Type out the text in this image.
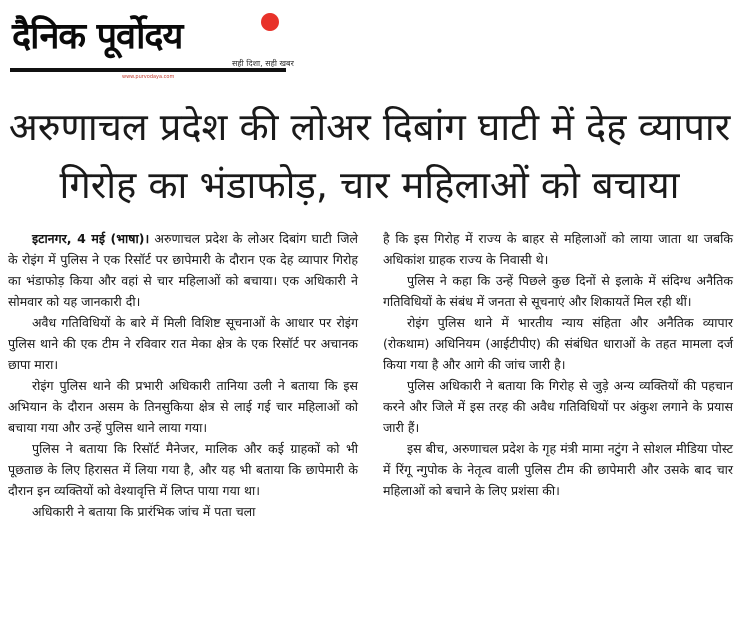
दैनिक पूर्वोदय
सही दिशा, सही खबर
www.purvodaya.com
अरुणाचल प्रदेश की लोअर दिबांग घाटी में देह व्यापार
गिरोह का भंडाफोड़, चार महिलाओं को बचाया

इटानगर, 4 मई (भाषा)। अरुणाचल प्रदेश के लोअर दिबांग घाटी जिले के रोइंग में पुलिस ने एक रिसॉर्ट पर छापेमारी के दौरान एक देह व्यापार गिरोह का भंडाफोड़ किया और वहां से चार महिलाओं को बचाया। एक अधिकारी ने सोमवार को यह जानकारी दी।

अवैध गतिविधियों के बारे में मिली विशिष्ट सूचनाओं के आधार पर रोइंग पुलिस थाने की एक टीम ने रविवार रात मेका क्षेत्र के एक रिसॉर्ट पर अचानक छापा मारा।

रोइंग पुलिस थाने की प्रभारी अधिकारी तानिया उली ने बताया कि इस अभियान के दौरान असम के तिनसुकिया क्षेत्र से लाई गई चार महिलाओं को बचाया गया और उन्हें पुलिस थाने लाया गया।

पुलिस ने बताया कि रिसॉर्ट मैनेजर, मालिक और कई ग्राहकों को भी पूछताछ के लिए हिरासत में लिया गया है, और यह भी बताया कि छापेमारी के दौरान इन व्यक्तियों को वेश्यावृत्ति में लिप्त पाया गया था।

अधिकारी ने बताया कि प्रारंभिक जांच में पता चला

है कि इस गिरोह में राज्य के बाहर से महिलाओं को लाया जाता था जबकि अधिकांश ग्राहक राज्य के निवासी थे।

पुलिस ने कहा कि उन्हें पिछले कुछ दिनों से इलाके में संदिग्ध अनैतिक गतिविधियों के संबंध में जनता से सूचनाएं और शिकायतें मिल रही थीं।

रोइंग पुलिस थाने में भारतीय न्याय संहिता और अनैतिक व्यापार (रोकथाम) अधिनियम (आईटीपीए) की संबंधित धाराओं के तहत मामला दर्ज किया गया है और आगे की जांच जारी है।

पुलिस अधिकारी ने बताया कि गिरोह से जुड़े अन्य व्यक्तियों की पहचान करने और जिले में इस तरह की अवैध गतिविधियों पर अंकुश लगाने के प्रयास जारी हैं।

इस बीच, अरुणाचल प्रदेश के गृह मंत्री मामा नटुंग ने सोशल मीडिया पोस्ट में रिंगू न्गुपोक के नेतृत्व वाली पुलिस टीम की छापेमारी और उसके बाद चार महिलाओं को बचाने के लिए प्रशंसा की।
